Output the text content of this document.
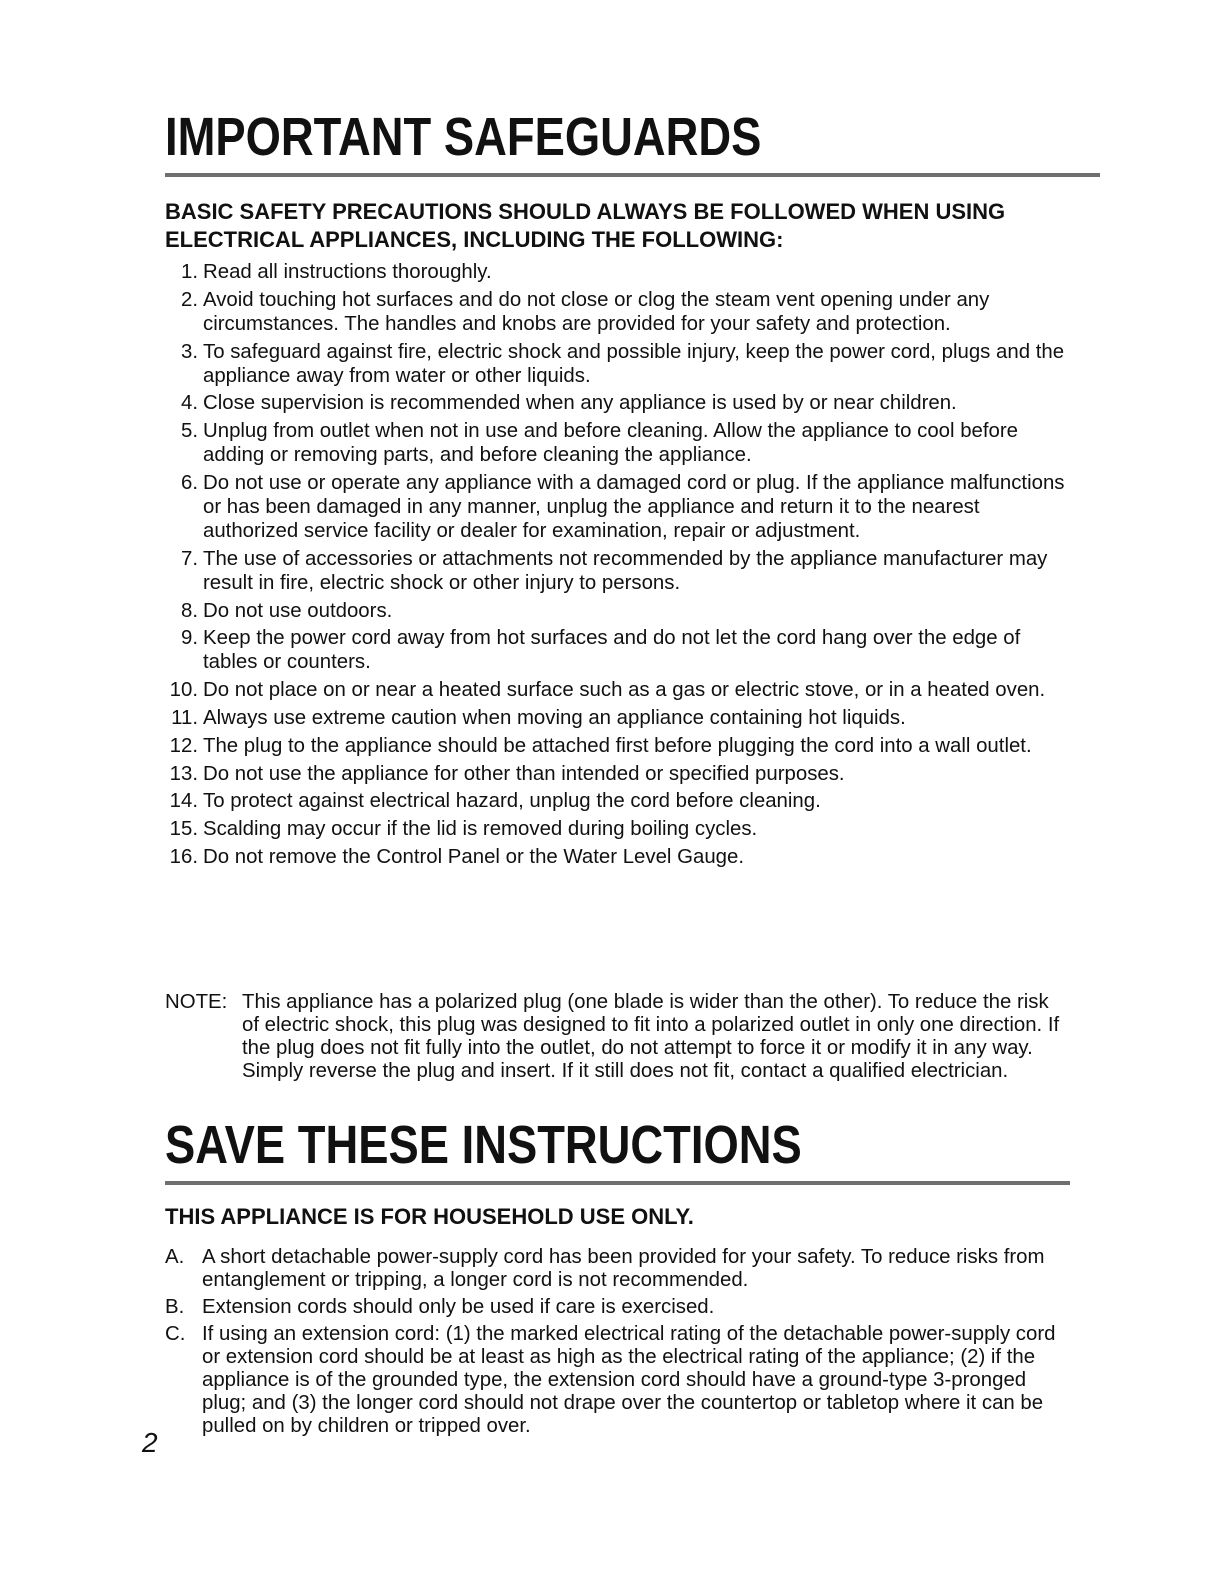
IMPORTANT SAFEGUARDS

BASIC SAFETY PRECAUTIONS SHOULD ALWAYS BE FOLLOWED WHEN USING ELECTRICAL APPLIANCES, INCLUDING THE FOLLOWING:

1. Read all instructions thoroughly.
2. Avoid touching hot surfaces and do not close or clog the steam vent opening under any circumstances. The handles and knobs are provided for your safety and protection.
3. To safeguard against fire, electric shock and possible injury, keep the power cord, plugs and the appliance away from water or other liquids.
4. Close supervision is recommended when any appliance is used by or near children.
5. Unplug from outlet when not in use and before cleaning. Allow the appliance to cool before adding or removing parts, and before cleaning the appliance.
6. Do not use or operate any appliance with a damaged cord or plug. If the appliance malfunctions or has been damaged in any manner, unplug the appliance and return it to the nearest authorized service facility or dealer for examination, repair or adjustment.
7. The use of accessories or attachments not recommended by the appliance manufacturer may result in fire, electric shock or other injury to persons.
8. Do not use outdoors.
9. Keep the power cord away from hot surfaces and do not let the cord hang over the edge of tables or counters.
10. Do not place on or near a heated surface such as a gas or electric stove, or in a heated oven.
11. Always use extreme caution when moving an appliance containing hot liquids.
12. The plug to the appliance should be attached first before plugging the cord into a wall outlet.
13. Do not use the appliance for other than intended or specified purposes.
14. To protect against electrical hazard, unplug the cord before cleaning.
15. Scalding may occur if the lid is removed during boiling cycles.
16. Do not remove the Control Panel or the Water Level Gauge.
NOTE: This appliance has a polarized plug (one blade is wider than the other). To reduce the risk of electric shock, this plug was designed to fit into a polarized outlet in only one direction. If the plug does not fit fully into the outlet, do not attempt to force it or modify it in any way. Simply reverse the plug and insert. If it still does not fit, contact a qualified electrician.
SAVE THESE INSTRUCTIONS

THIS APPLIANCE IS FOR HOUSEHOLD USE ONLY.

A. A short detachable power-supply cord has been provided for your safety. To reduce risks from entanglement or tripping, a longer cord is not recommended.
B. Extension cords should only be used if care is exercised.
C. If using an extension cord: (1) the marked electrical rating of the detachable power-supply cord or extension cord should be at least as high as the electrical rating of the appliance; (2) if the appliance is of the grounded type, the extension cord should have a ground-type 3-pronged plug; and (3) the longer cord should not drape over the countertop or tabletop where it can be pulled on by children or tripped over.
2
